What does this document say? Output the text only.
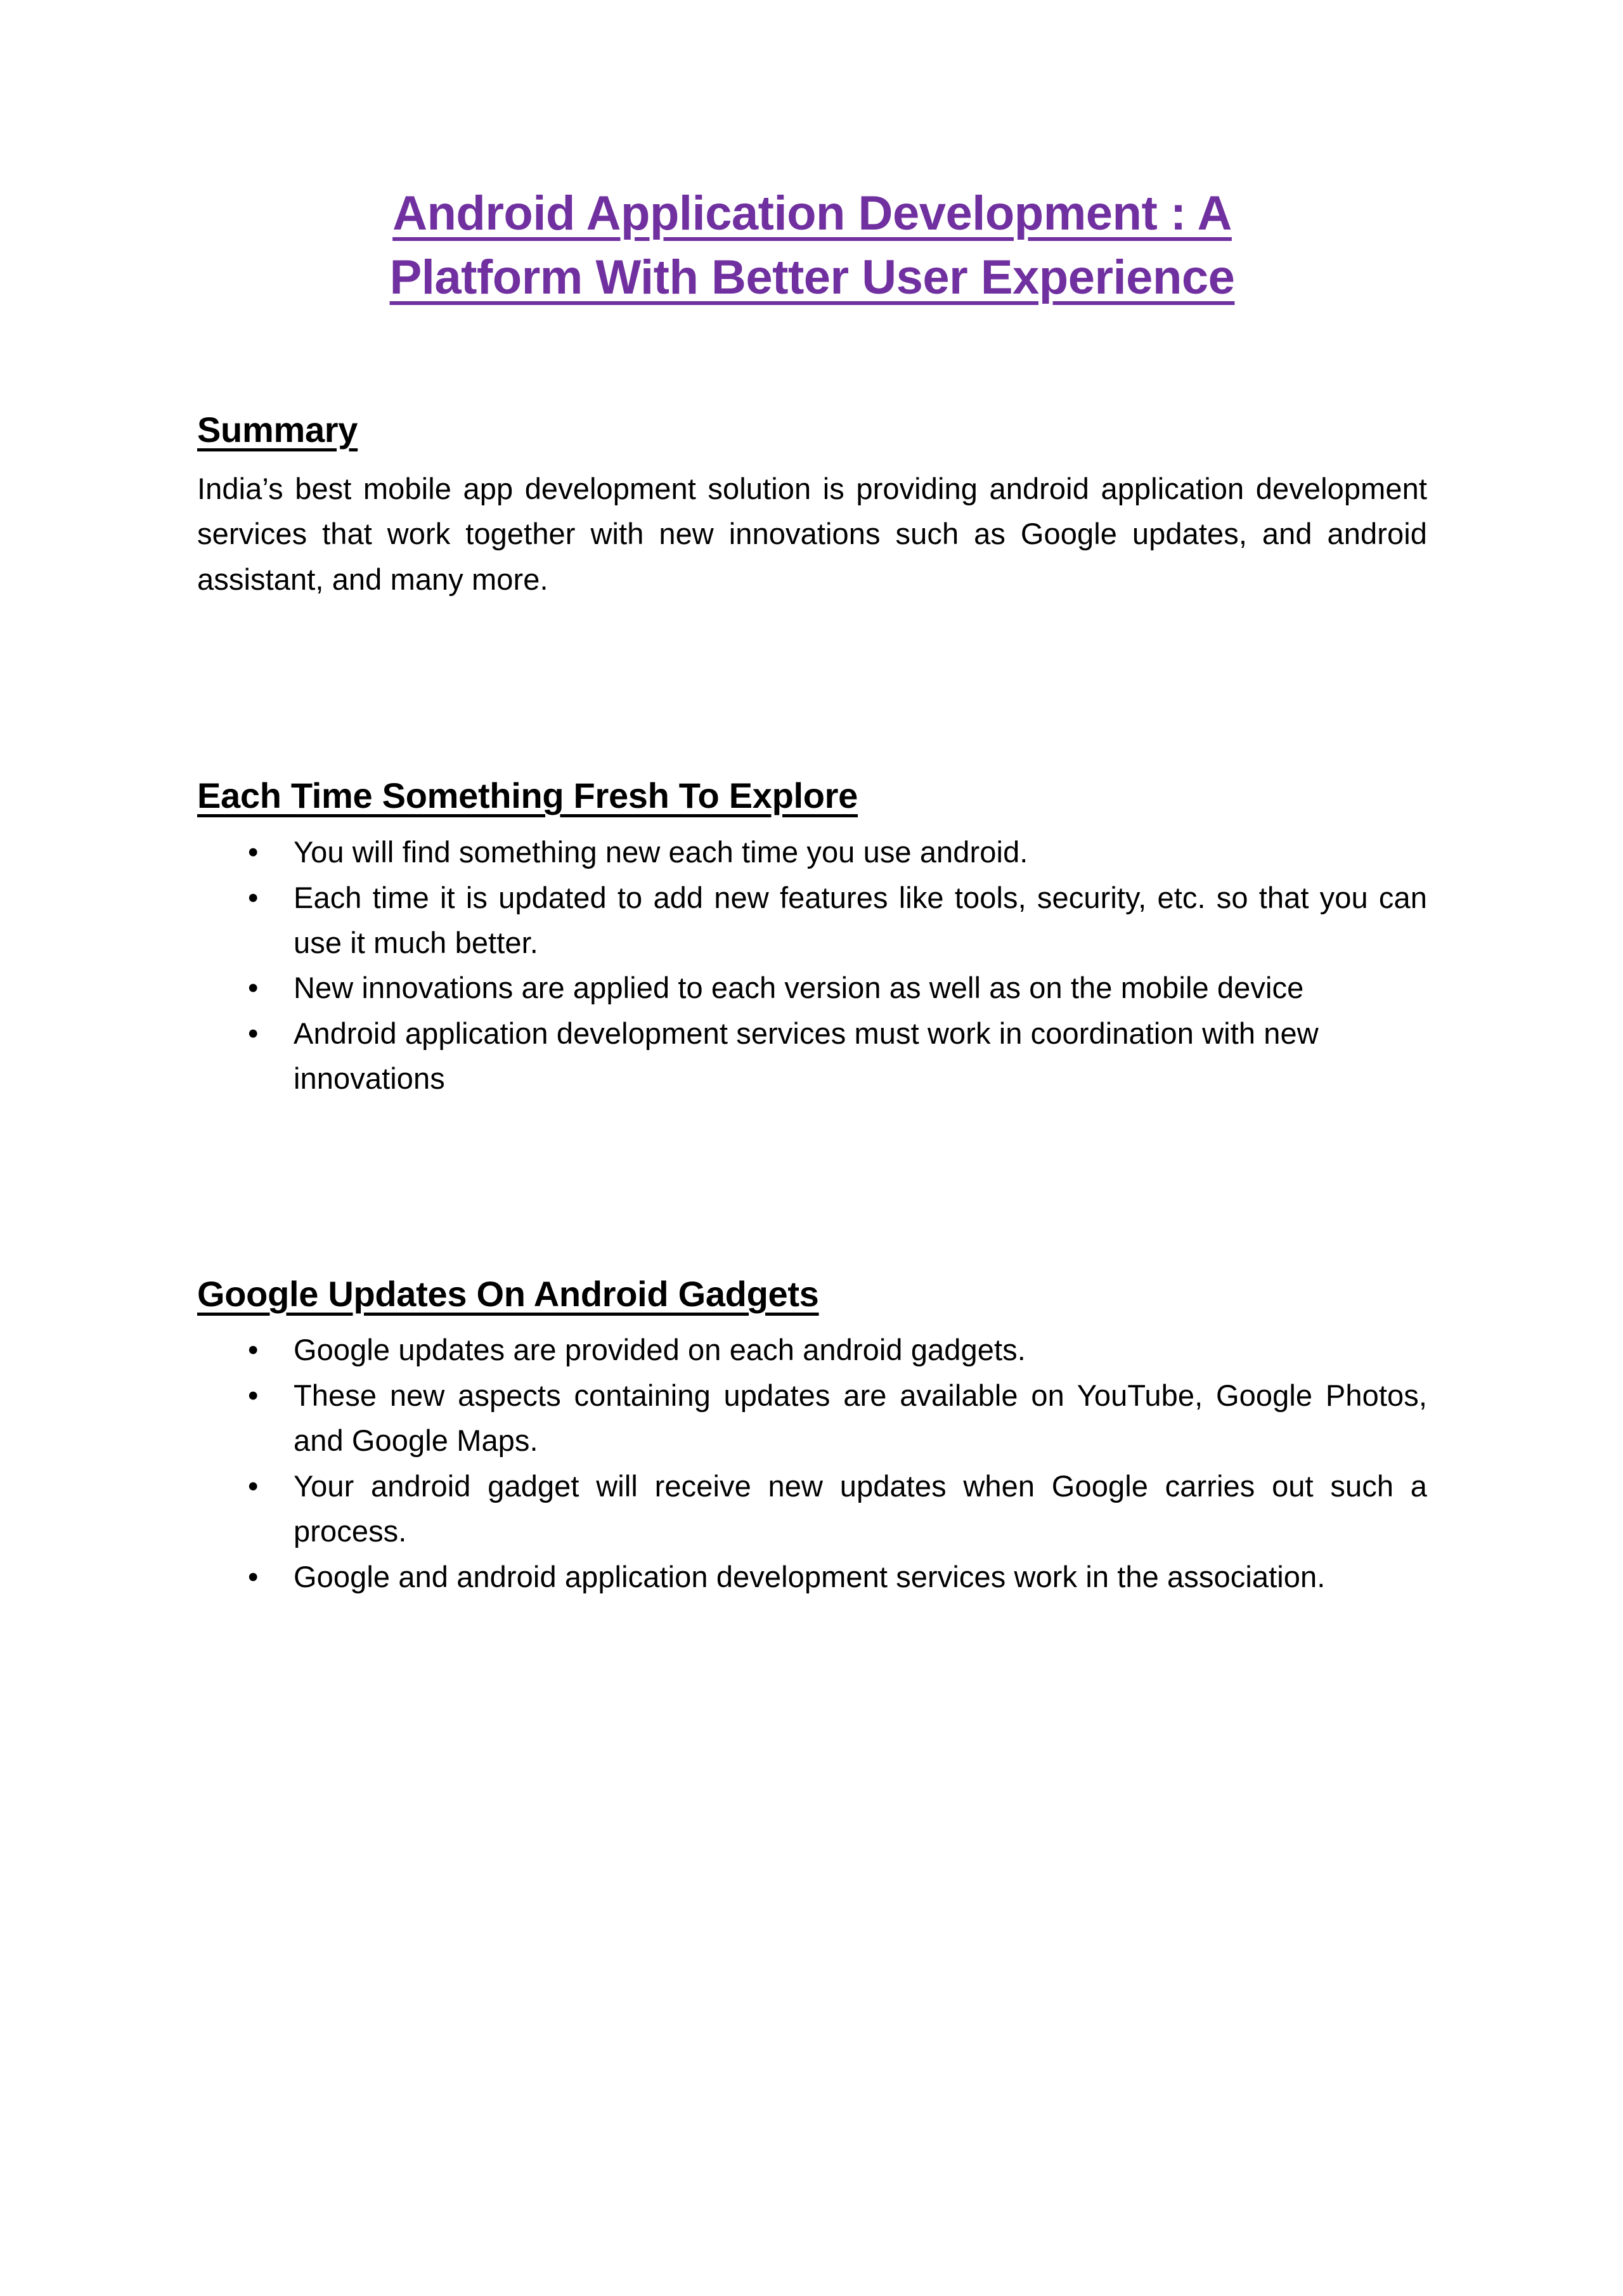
Android Application Development : A
Platform With Better User Experience
Summary

India’s best mobile app development solution is providing android application development services that work together with new innovations such as Google updates, and android assistant, and many more.

Each Time Something Fresh To Explore
• You will find something new each time you use android.
• Each time it is updated to add new features like tools, security, etc. so that you can use it much better.
• New innovations are applied to each version as well as on the mobile device
• Android application development services must work in coordination with new innovations
Google Updates On Android Gadgets
• Google updates are provided on each android gadgets.
• These new aspects containing updates are available on YouTube, Google Photos, and Google Maps.
• Your android gadget will receive new updates when Google carries out such a process.
• Google and android application development services work in the association.
